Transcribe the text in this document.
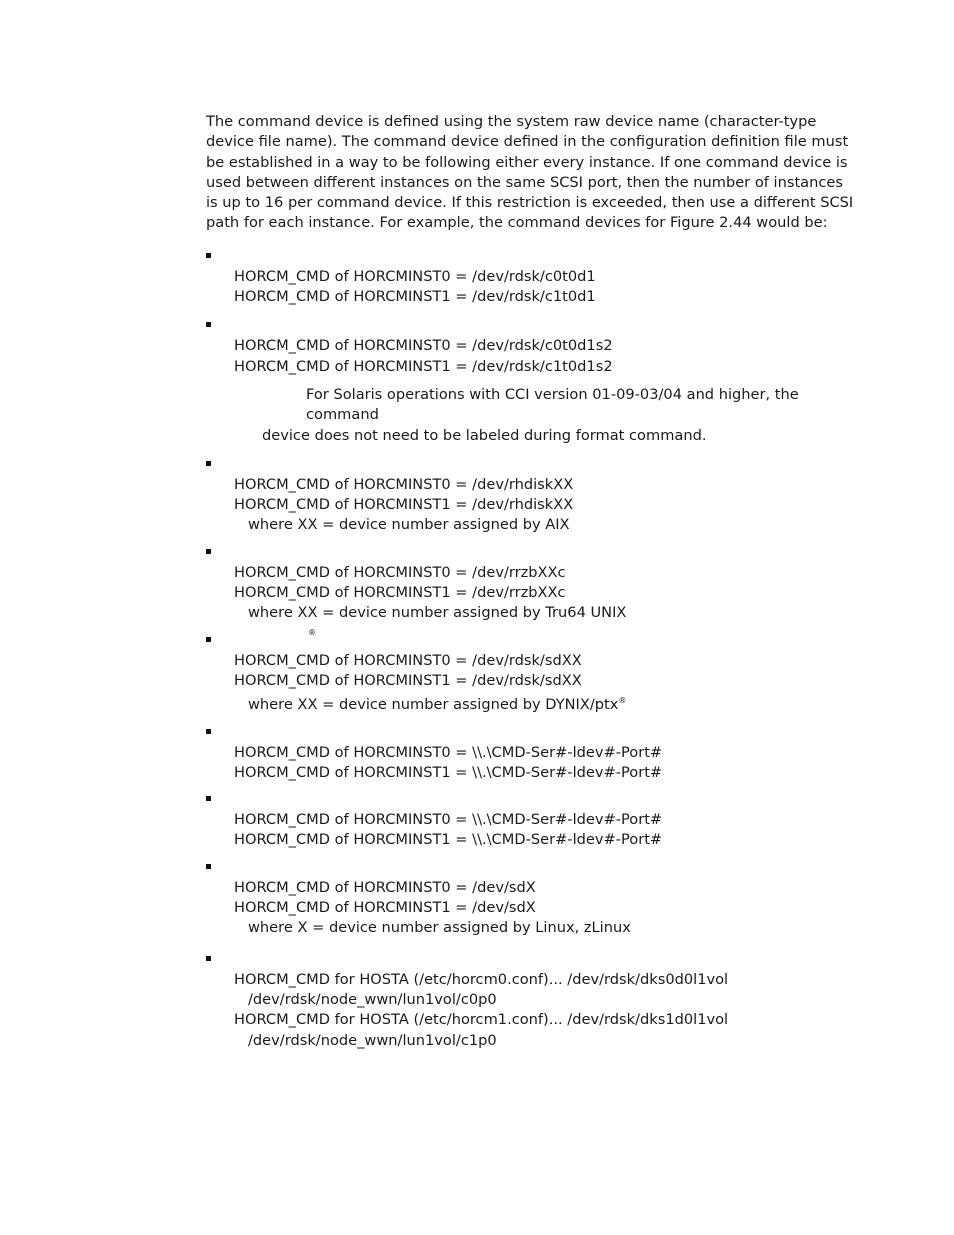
The command device is defined using the system raw device name (character-type device file name). The command device defined in the configuration definition file must be established in a way to be following either every instance. If one command device is used between different instances on the same SCSI port, then the number of instances is up to 16 per command device. If this restriction is exceeded, then use a different SCSI path for each instance. For example, the command devices for Figure 2.44 would be:

HORCM_CMD of HORCMINST0 = /dev/rdsk/c0t0d1
HORCM_CMD of HORCMINST1 = /dev/rdsk/c1t0d1
HORCM_CMD of HORCMINST0 = /dev/rdsk/c0t0d1s2
HORCM_CMD of HORCMINST1 = /dev/rdsk/c1t0d1s2
For Solaris operations with CCI version 01-09-03/04 and higher, the command
device does not need to be labeled during format command.
HORCM_CMD of HORCMINST0 = /dev/rhdiskXX
HORCM_CMD of HORCMINST1 = /dev/rhdiskXX
where XX = device number assigned by AIX
HORCM_CMD of HORCMINST0 = /dev/rrzbXXc
HORCM_CMD of HORCMINST1 = /dev/rrzbXXc
where XX = device number assigned by Tru64 UNIX
®
HORCM_CMD of HORCMINST0 = /dev/rdsk/sdXX
HORCM_CMD of HORCMINST1 = /dev/rdsk/sdXX
where XX = device number assigned by DYNIX/ptx®
HORCM_CMD of HORCMINST0 = \\.\CMD-Ser#-ldev#-Port#
HORCM_CMD of HORCMINST1 = \\.\CMD-Ser#-ldev#-Port#
HORCM_CMD of HORCMINST0 = \\.\CMD-Ser#-ldev#-Port#
HORCM_CMD of HORCMINST1 = \\.\CMD-Ser#-ldev#-Port#
HORCM_CMD of HORCMINST0 = /dev/sdX
HORCM_CMD of HORCMINST1 = /dev/sdX
where X = device number assigned by Linux, zLinux
HORCM_CMD for HOSTA (/etc/horcm0.conf)... /dev/rdsk/dks0d0l1vol
/dev/rdsk/node_wwn/lun1vol/c0p0
HORCM_CMD for HOSTA (/etc/horcm1.conf)... /dev/rdsk/dks1d0l1vol
/dev/rdsk/node_wwn/lun1vol/c1p0
